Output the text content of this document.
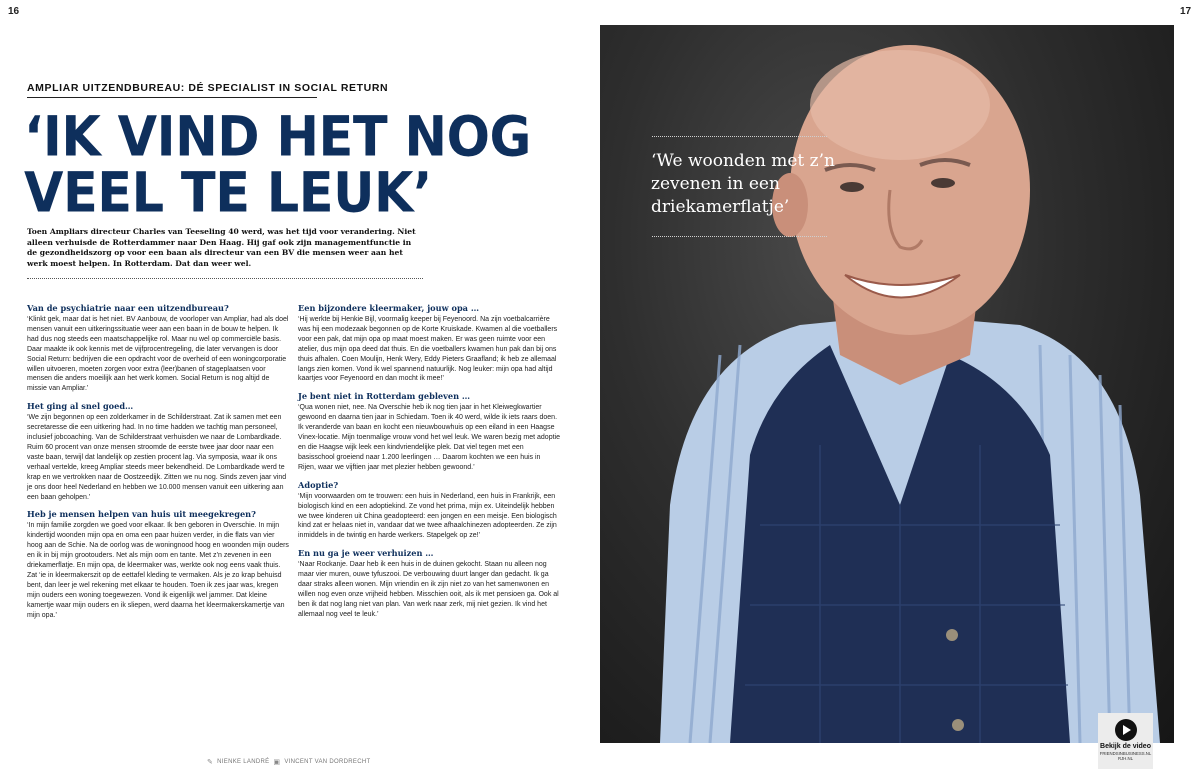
16	17
AMPLIAR UITZENDBUREAU: DÉ SPECIALIST IN SOCIAL RETURN
‘IK VIND HET NOG
VEEL TE LEUK’

Toen Ampliars directeur Charles van Teeseling 40 werd, was het tijd voor verandering. Niet alleen verhuisde de Rotterdammer naar Den Haag. Hij gaf ook zijn managementfunctie in de gezondheidszorg op voor een baan als directeur van een BV die mensen weer aan het werk moest helpen. In Rotterdam. Dat dan weer wel.

Van de psychiatrie naar een uitzendbureau?

‘Klinkt gek, maar dat is het niet. BV Aanbouw, de voorloper van Ampliar, had als doel mensen vanuit een uitkeringssituatie weer aan een baan in de bouw te helpen. Ik had dus nog steeds een maatschappelijke rol. Maar nu wel op commerciële basis. Daar maakte ik ook kennis met de vijfprocentregeling, die later vervangen is door Social Return: bedrijven die een opdracht voor de overheid of een woningcorporatie willen uitvoeren, moeten zorgen voor extra (leer)banen of stageplaatsen voor mensen die anders moeilijk aan het werk komen. Social Return is nog altijd de missie van Ampliar.’

Het ging al snel goed…

‘We zijn begonnen op een zolderkamer in de Schilderstraat. Zat ik samen met een secretaresse die een uitkering had. In no time hadden we tachtig man personeel, inclusief jobcoaching. Van de Schilderstraat verhuisden we naar de Lombardkade. Ruim 60 procent van onze mensen stroomde de eerste twee jaar door naar een vaste baan, terwijl dat landelijk op zestien procent lag. Via symposia, waar ik ons verhaal vertelde, kreeg Ampliar steeds meer bekendheid. De Lombardkade werd te krap en we vertrokken naar de Oostzeedijk. Zitten we nu nog. Sinds zeven jaar vind je ons door heel Nederland en hebben we 10.000 mensen vanuit een uitkering aan een baan geholpen.’

Heb je mensen helpen van huis uit meegekregen?

‘In mijn familie zorgden we goed voor elkaar. Ik ben geboren in Overschie. In mijn kindertijd woonden mijn opa en oma een paar huizen verder, in die flats van vier hoog aan de Schie. Na de oorlog was de woningnood hoog en woonden mijn ouders en ik in bij mijn grootouders. Net als mijn oom en tante. Met z’n zevenen in een driekamerflatje. En mijn opa, de kleermaker was, werkte ook nog eens vaak thuis. Zat ‘ie in kleermakerszit op de eettafel kleding te vermaken. Als je zo krap behuisd bent, dan leer je wel rekening met elkaar te houden. Toen ik zes jaar was, kregen mijn ouders een woning toegewezen. Vond ik eigenlijk wel jammer. Dat kleine kamertje waar mijn ouders en ik sliepen, werd daarna het kleermakerskamertje van mijn opa.’

Een bijzondere kleermaker, jouw opa …

‘Hij werkte bij Henkie Bijl, voormalig keeper bij Feyenoord. Na zijn voetbalcarrière was hij een modezaak begonnen op de Korte Kruiskade. Kwamen al die voetballers voor een pak, dat mijn opa op maat moest maken. Er was geen ruimte voor een atelier, dus mijn opa deed dat thuis. En die voetballers kwamen hun pak dan bij ons thuis afhalen. Coen Moulijn, Henk Wery, Eddy Pieters Graafland; ik heb ze allemaal langs zien komen. Vond ik wel spannend natuurlijk. Nog leuker: mijn opa had altijd kaartjes voor Feyenoord en dan mocht ik mee!’

Je bent niet in Rotterdam gebleven …

‘Qua wonen niet, nee. Na Overschie heb ik nog tien jaar in het Kleiwegkwartier gewoond en daarna tien jaar in Schiedam. Toen ik 40 werd, wilde ik iets raars doen. Ik veranderde van baan en kocht een nieuwbouwhuis op een eiland in een Haagse Vinex-locatie. Mijn toenmalige vrouw vond het wel leuk. We waren bezig met adoptie en die Haagse wijk leek een kindvriendelijke plek. Dat viel tegen met een basisschool groeiend naar 1.200 leerlingen … Daarom kochten we een huis in Rijen, waar we vijftien jaar met plezier hebben gewoond.’

Adoptie?

‘Mijn voorwaarden om te trouwen: een huis in Nederland, een huis in Frankrijk, een biologisch kind en een adoptiekind. Ze vond het prima, mijn ex. Uiteindelijk hebben we twee kinderen uit China geadopteerd: een jongen en een meisje. Een biologisch kind zat er helaas niet in, vandaar dat we twee afhaalchinezen adopteerden. Ze zijn inmiddels in de twintig en harde werkers. Stapelgek op ze!’

En nu ga je weer verhuizen …

‘Naar Rockanje. Daar heb ik een huis in de duinen gekocht. Staan nu alleen nog maar vier muren, ouwe tyfuszooi. De verbouwing duurt langer dan gedacht. Ik ga daar straks alleen wonen. Mijn vriendin en ik zijn niet zo van het samenwonen en willen nog even onze vrijheid hebben. Misschien ooit, als ik met pensioen ga. Ook al ben ik dat nog lang niet van plan. Van werk naar zerk, mij niet gezien. Ik vind het allemaal nog veel te leuk.’

✎ NIENKE LANDRÉ ▣ VINCENT VAN DORDRECHT

‘We woonden met z’n zevenen in een driekamerflatje’

Bekijk de video
FRIENDSINBUSINESS.NL
RJH.NL
